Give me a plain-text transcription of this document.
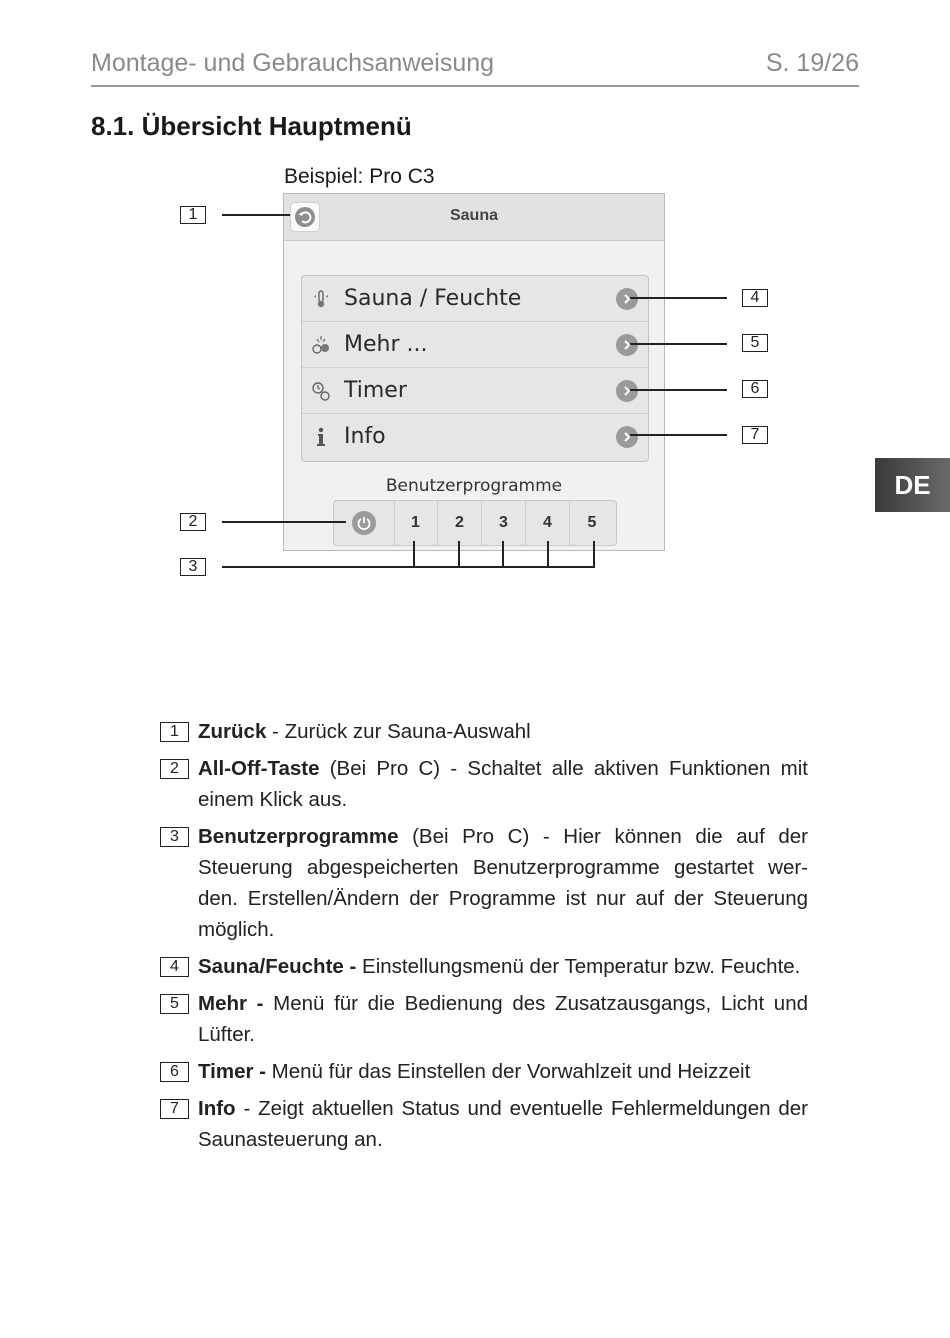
Montage- und Gebrauchsanweisung	S. 19/26
8.1. Übersicht Hauptmenü
DE
Beispiel: Pro C3
Sauna
Sauna / Feuchte
Mehr ...
Timer
Info
Benutzerprogramme
1	2	3	4	5
1
2
3
4
5
6
7
1 Zurück - Zurück zur Sauna-Auswahl
2 All-Off-Taste (Bei Pro C) - Schaltet alle aktiven Funktionen mit einem Klick aus.
3 Benutzerprogramme (Bei Pro C) - Hier können die auf der Steuerung abgespeicherten Benutzerprogramme gestartet wer-den. Erstellen/Ändern der Programme ist nur auf der Steuerung möglich.
4 Sauna/Feuchte - Einstellungsmenü der Temperatur bzw. Feuchte.
5 Mehr - Menü für die Bedienung des Zusatzausgangs, Licht und Lüfter.
6 Timer - Menü für das Einstellen der Vorwahlzeit und Heizzeit
7 Info - Zeigt aktuellen Status und eventuelle Fehlermeldungen der Saunasteuerung an.
